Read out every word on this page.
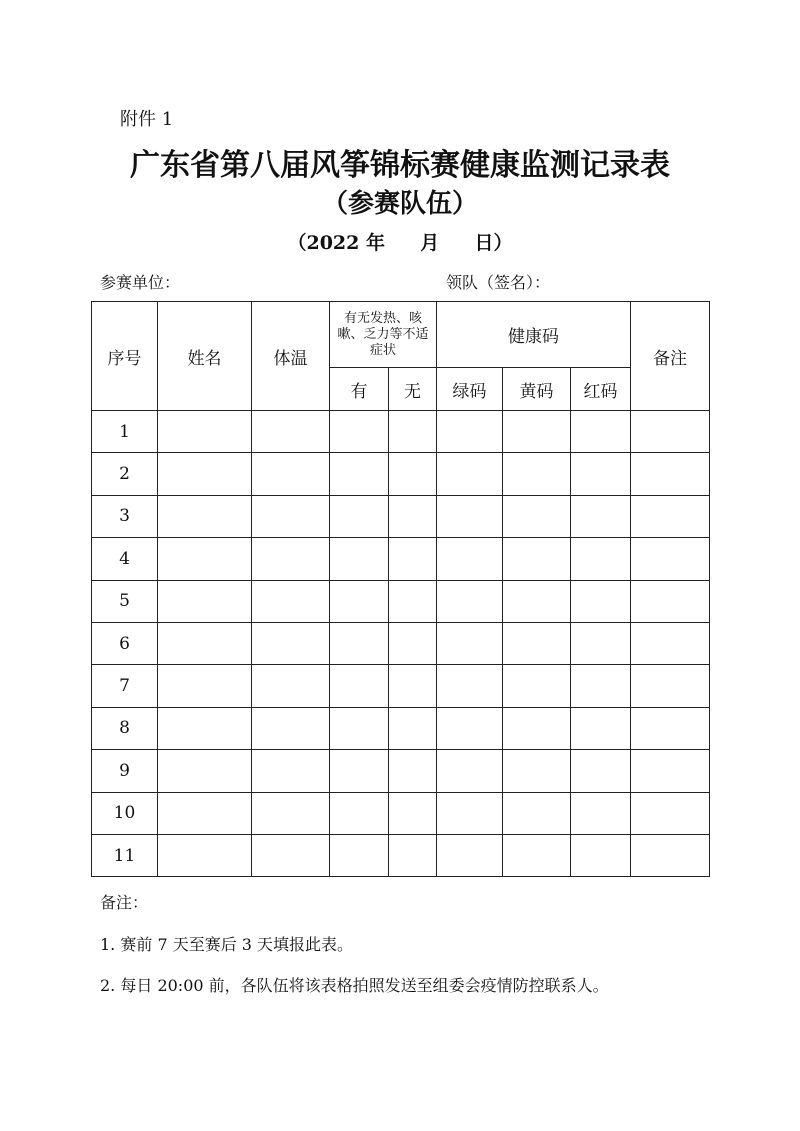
附件 1
广东省第八届风筝锦标赛健康监测记录表
（参赛队伍）
（2022 年 月 日）
参赛单位：	领队（签名）：
序号	姓名	体温	有无发热、咳嗽、乏力等不适症状		健康码			备注
			有	无	绿码	黄码	红码	
1								
2								
3								
4								
5								
6								
7								
8								
9								
10								
11								
备注：
1. 赛前 7 天至赛后 3 天填报此表。
2. 每日 20:00 前，各队伍将该表格拍照发送至组委会疫情防控联系人。
